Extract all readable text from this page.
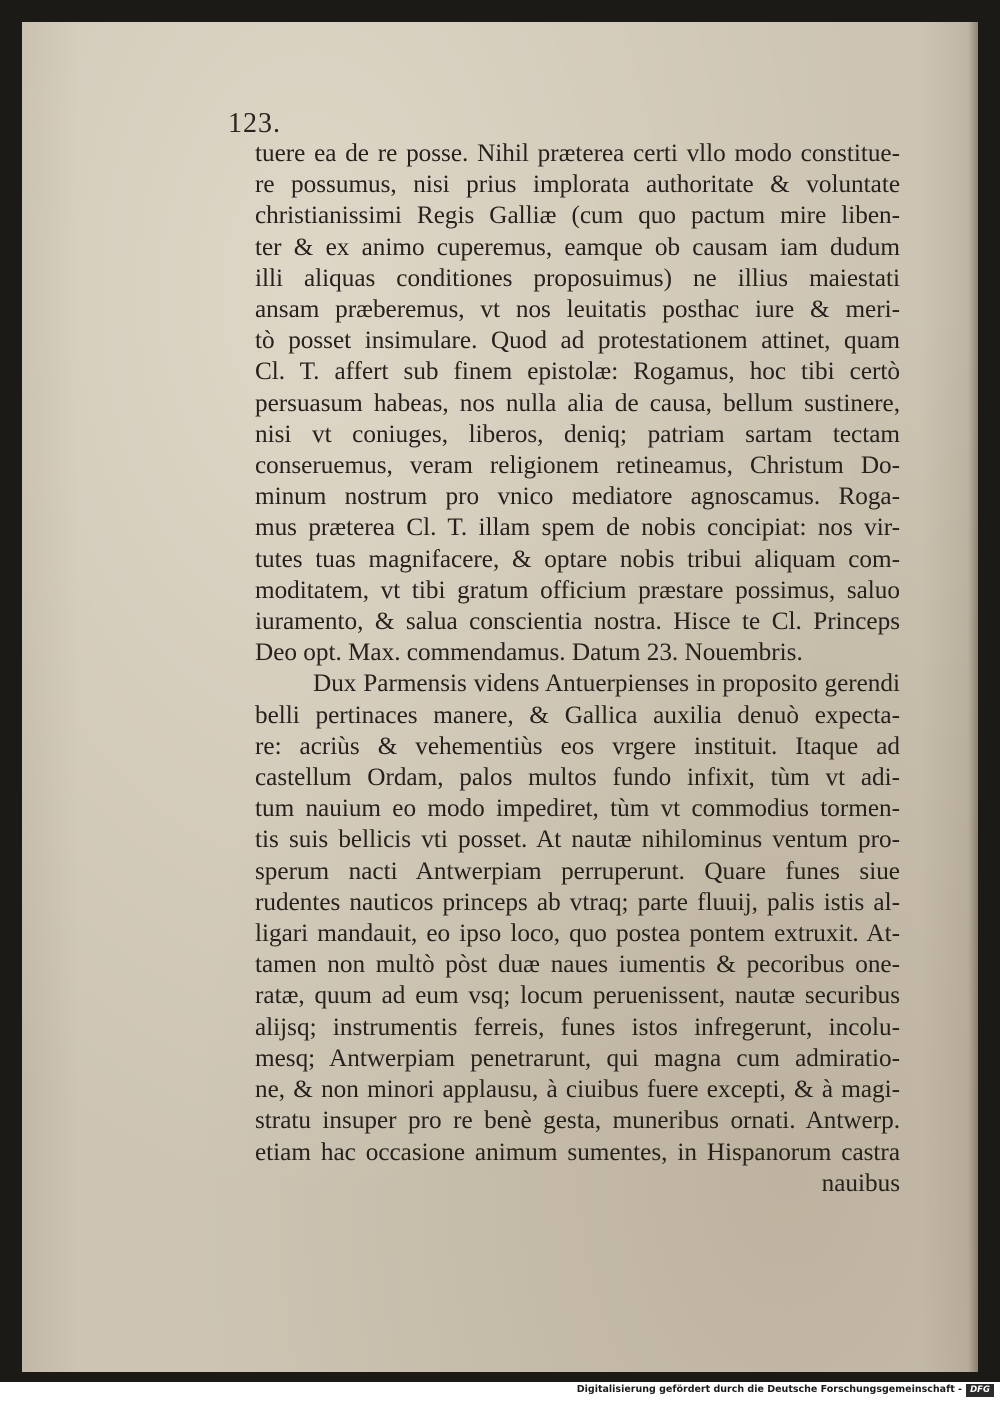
123.
tuere ea de re posse. Nihil præterea certi vllo modo constitue-
re possumus, nisi prius implorata authoritate & voluntate
christianissimi Regis Galliæ (cum quo pactum mire liben-
ter & ex animo cuperemus, eamque ob causam iam dudum
illi aliquas conditiones proposuimus) ne illius maiestati
ansam præberemus, vt nos leuitatis posthac iure & meri-
tò posset insimulare. Quod ad protestationem attinet, quam
Cl. T. affert sub finem epistolæ: Rogamus, hoc tibi certò
persuasum habeas, nos nulla alia de causa, bellum sustinere,
nisi vt coniuges, liberos, deniq; patriam sartam tectam
conseruemus, veram religionem retineamus, Christum Do-
minum nostrum pro vnico mediatore agnoscamus. Roga-
mus præterea Cl. T. illam spem de nobis concipiat: nos vir-
tutes tuas magnifacere, & optare nobis tribui aliquam com-
moditatem, vt tibi gratum officium præstare possimus, saluo
iuramento, & salua conscientia nostra. Hisce te Cl. Princeps
Deo opt. Max. commendamus. Datum 23. Nouembris.
Dux Parmensis videns Antuerpienses in proposito gerendi
belli pertinaces manere, & Gallica auxilia denuò expecta-
re: acriùs & vehementiùs eos vrgere instituit. Itaque ad
castellum Ordam, palos multos fundo infixit, tùm vt adi-
tum nauium eo modo impediret, tùm vt commodius tormen-
tis suis bellicis vti posset. At nautæ nihilominus ventum pro-
sperum nacti Antwerpiam perruperunt. Quare funes siue
rudentes nauticos princeps ab vtraq; parte fluuij, palis istis al-
ligari mandauit, eo ipso loco, quo postea pontem extruxit. At-
tamen non multò pòst duæ naues iumentis & pecoribus one-
ratæ, quum ad eum vsq; locum peruenissent, nautæ securibus
alijsq; instrumentis ferreis, funes istos infregerunt, incolu-
mesq; Antwerpiam penetrarunt, qui magna cum admiratio-
ne, & non minori applausu, à ciuibus fuere excepti, & à magi-
stratu insuper pro re benè gesta, muneribus ornati. Antwerp.
etiam hac occasione animum sumentes, in Hispanorum castra
nauibus
Digitalisierung gefördert durch die Deutsche Forschungsgemeinschaft - DFG
